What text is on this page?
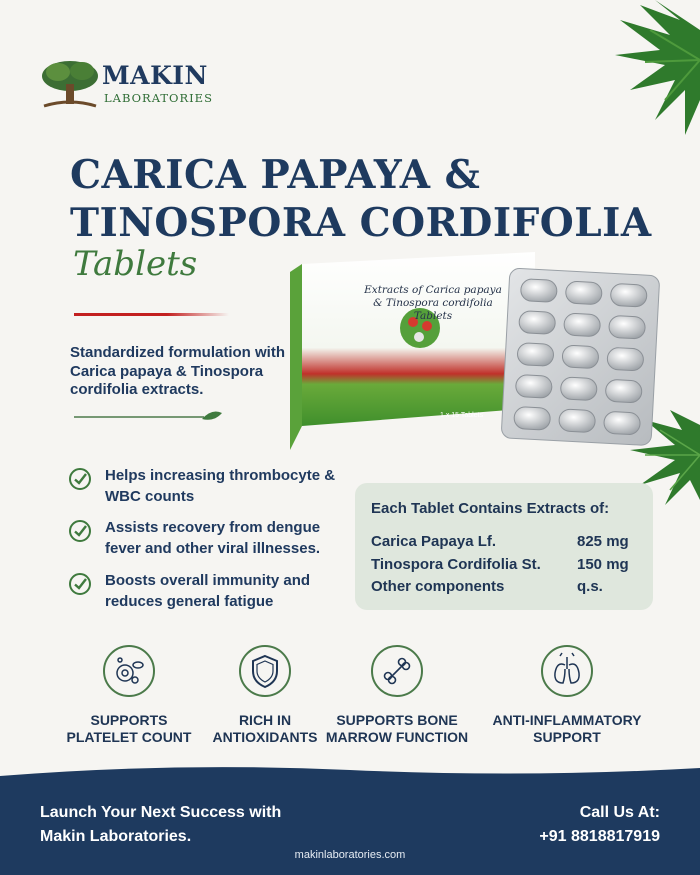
MAKIN
LABORATORIES
CARICA PAPAYA &
TINOSPORA CORDIFOLIA
Tablets
Standardized formulation with Carica papaya & Tinospora cordifolia extracts.
Extracts of Carica papaya & Tinospora cordifolia Tablets
1 x 15 Tablets
Helps increasing thrombocyte & WBC counts
Assists recovery from dengue fever and other viral illnesses.
Boosts overall immunity and reduces general fatigue
Each Tablet Contains Extracts of:
Carica Papaya Lf.	825 mg
Tinospora Cordifolia St. 150 mg
Other components	q.s.
SUPPORTS
PLATELET COUNT
RICH IN
ANTIOXIDANTS
SUPPORTS BONE
MARROW FUNCTION
ANTI-INFLAMMATORY
SUPPORT
Launch Your Next Success with
Makin Laboratories.
Call Us At:
+91 8818817919
makinlaboratories.com
